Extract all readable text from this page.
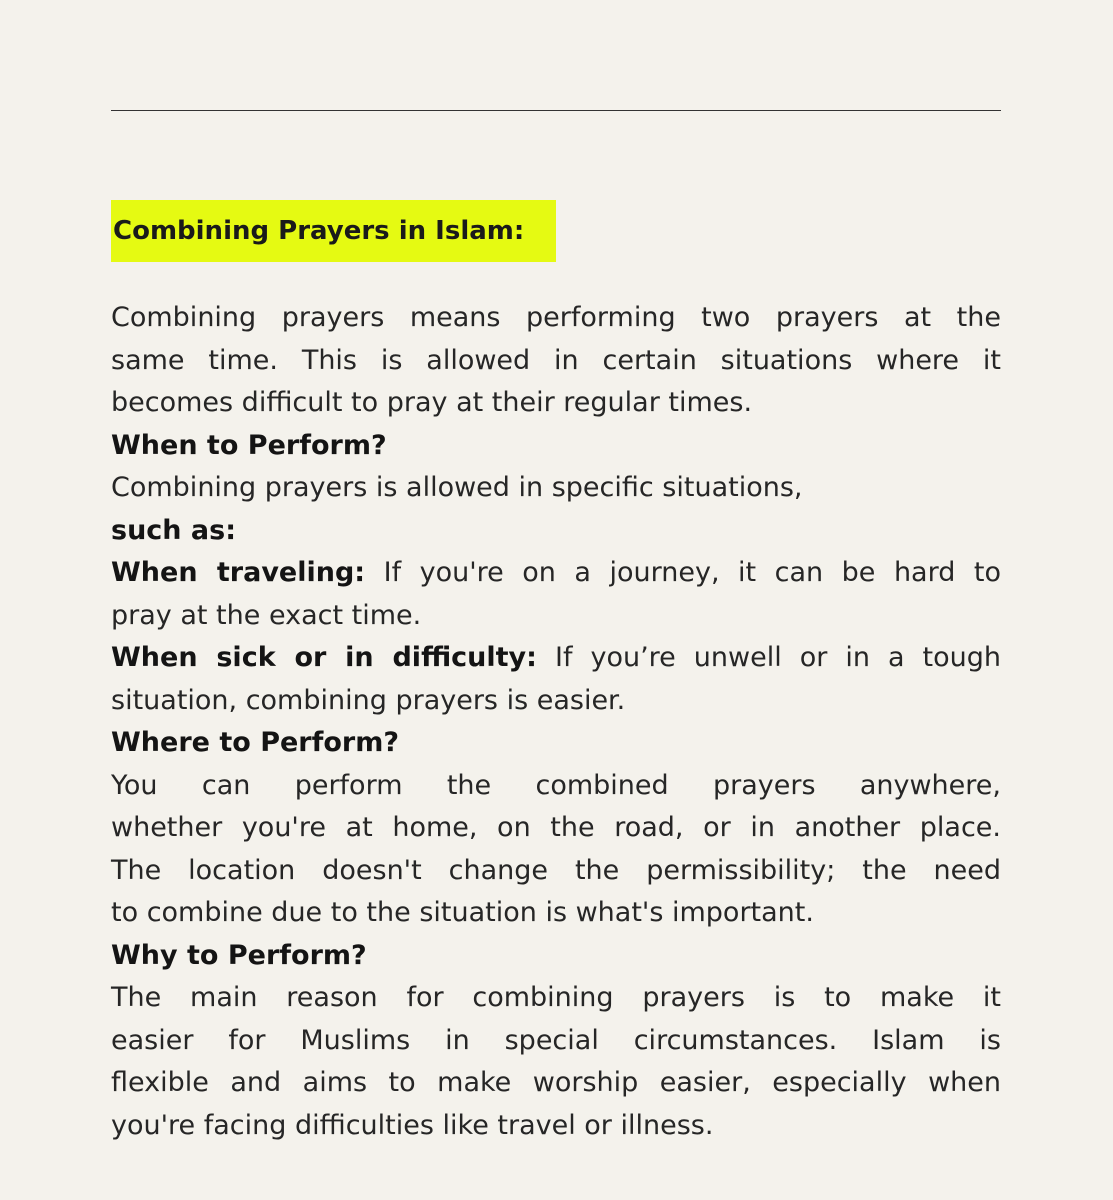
Combining Prayers in Islam:
Combining prayers means performing two prayers at the
same time. This is allowed in certain situations where it
becomes difficult to pray at their regular times.
When to Perform?
Combining prayers is allowed in specific situations,
such as:
When traveling: If you're on a journey, it can be hard to
pray at the exact time.
When sick or in difficulty: If you’re unwell or in a tough
situation, combining prayers is easier.
Where to Perform?
You can perform the combined prayers anywhere,
whether you're at home, on the road, or in another place.
The location doesn't change the permissibility; the need
to combine due to the situation is what's important.
Why to Perform?
The main reason for combining prayers is to make it
easier for Muslims in special circumstances. Islam is
flexible and aims to make worship easier, especially when
you're facing difficulties like travel or illness.
